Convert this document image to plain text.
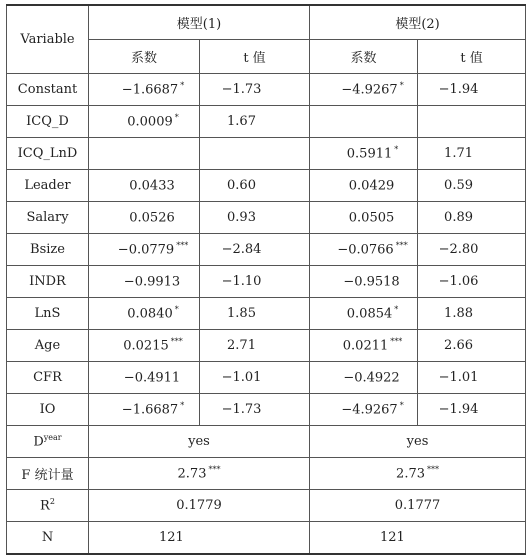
Variable	模型(1)		模型(2)	
	系数	t 值	系数	t 值
Constant	−1.6687 *	−1.73	−4.9267 *	−1.94
ICQ_D	0.0009 *	1.67		
ICQ_LnD			0.5911 *	1.71
Leader	0.0433	0.60	0.0429	0.59
Salary	0.0526	0.93	0.0505	0.89
Bsize	−0.0779 ***	−2.84	−0.0766 ***	−2.80
INDR	−0.9913	−1.10	−0.9518	−1.06
LnS	0.0840 *	1.85	0.0854 *	1.88
Age	0.0215 ***	2.71	0.0211 ***	2.66
CFR	−0.4911	−1.01	−0.4922	−1.01
IO	−1.6687 *	−1.73	−4.9267 *	−1.94
$D^{year}$	yes		yes	
F 统计量	2.73 ***		2.73 ***
$R^2$	0.1779		0.1777	
N	121		121	
